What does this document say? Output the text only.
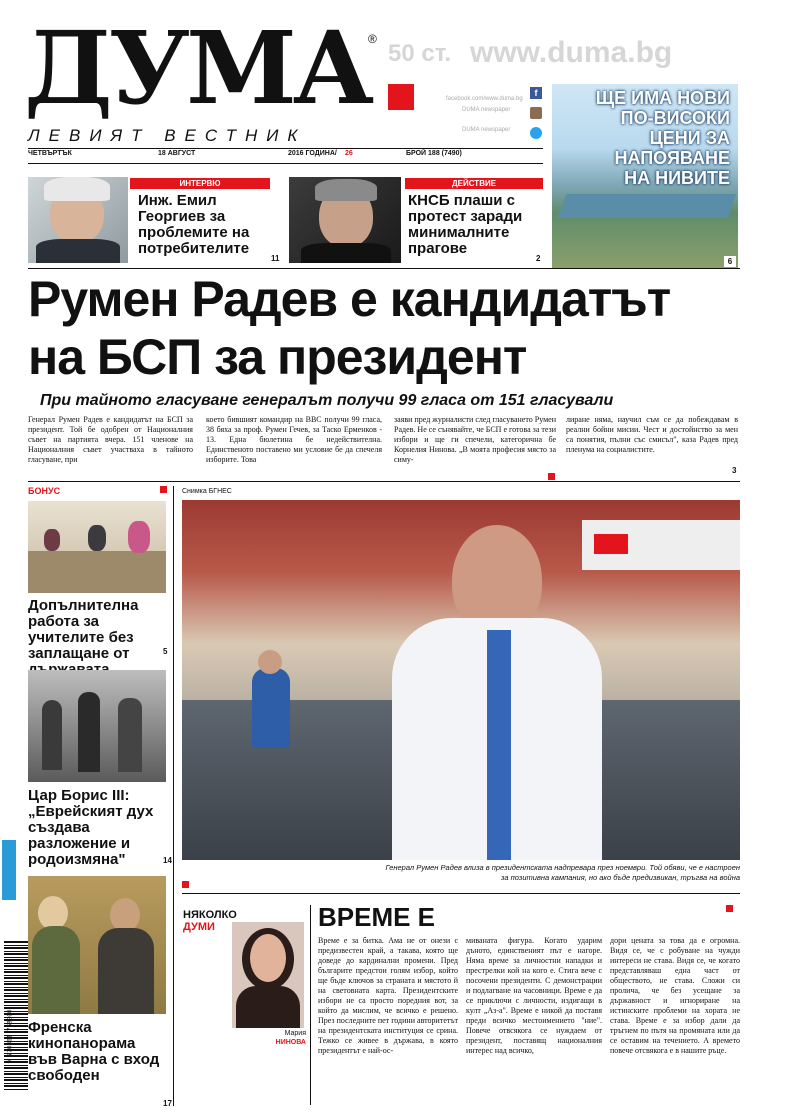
ДУМА
®
ЛЕВИЯТ ВЕСТНИК
50 ст. www.duma.bg
facebook.com/www.duma.bg
f
DUMA newspaper
DUMA newspaper
ЧЕТВЪРТЪК	18 АВГУСТ	2016 ГОДИНА/ 26	БРОЙ 188 (7490)
ИНТЕРВЮ
Инж. Емил Георгиев за проблемите на потребителите
11
ДЕЙСТВИЕ
КНСБ плаши с протест заради минималните прагове
2
ЩЕ ИМА НОВИ ПО-ВИСОКИ ЦЕНИ ЗА НАПОЯВАНЕ НА НИВИТЕ
6
Румен Радев е кандидатът
на БСП за президент
При тайното гласуване генералът получи 99 гласа от 151 гласували
Генерал Румен Радев е кандидатът на БСП за президент. Той бе одобрен от Националния съвет на партията вчера. 151 членове на Националния съвет участваха в тайното гласуване, при
което бившият командир на ВВС получи 99 гласа, 38 бяха за проф. Румен Гечев, за Таско Ерменков - 13. Една бюлетина бе недействителна. Единственото поставено ми условие бе да спечеля изборите. Това
заяви пред журналисти след гласуването Румен Радев. Не се сънявайте, че БСП е готова за тези избори и ще ги спечели, категорична бе Корнелия Нинова. „В моята професия място за симу-
лиране няма, научил съм се да побеждавам в реални бойни мисии. Чест и достойнство за мен са понятия, пълни със смисъл", каза Радев пред пленума на социалистите.
3
БОНУС
Допълнителна работа за учителите без заплащане от	5
Цар Борис III: „Еврейският дух създава разложение и родоизмяна"	14
Френска кинопанорама във Варна с вход свободен
17
9 770861 768000
Снимка БГНЕС
Генерал Румен Радев влиза в президентската надпревара през ноември. Той обяви, че е настроен за позитивна кампания, но ако бъде предизвикан, тръгва на война
НЯКОЛКО
ДУМИ
Мария
НИНОВА
ВРЕМЕ Е
Време е за битка. Ама не от онези с предизвестен край, а такава, която ще доведе до кардинални промени. Пред българите предстои голям избор, който ще бъде ключов за страната и мястото й на световната карта. Президентските избори не са просто поредния вот, за който да мислим, че всичко е решено. През последните пет години авторитетът на президентската институция се срина. Тежко се живее в държава, в която президентът е най-ос-
миваната фигура. Когато ударим дъното, единственият път е нагоре. Няма време за личностни нападки и престрелки кой на кого е. Стига вече с посочени президенти. С демонстрации и подлагване на часовници. Време е да се приключи с личности, издигащи в култ „Аз-а". Време е никой да поставя преди всичко местоимението "ние". Повече отвсякога се нуждаем от президент, поставящ националния интерес над всичко,
дори цената за това да е огромна. Видя се, че с робуване на чужди интереси не става. Видя се, че когато представляваш една част от обществото, не става. Сложи си пролича, че без усещане за държавност и игнориране на истинските проблеми на хората не става. Време е за избор дали да тръгнем по пътя на промяната или да се оставим на течението. А времето повече отсвякога е в нашите ръце.
